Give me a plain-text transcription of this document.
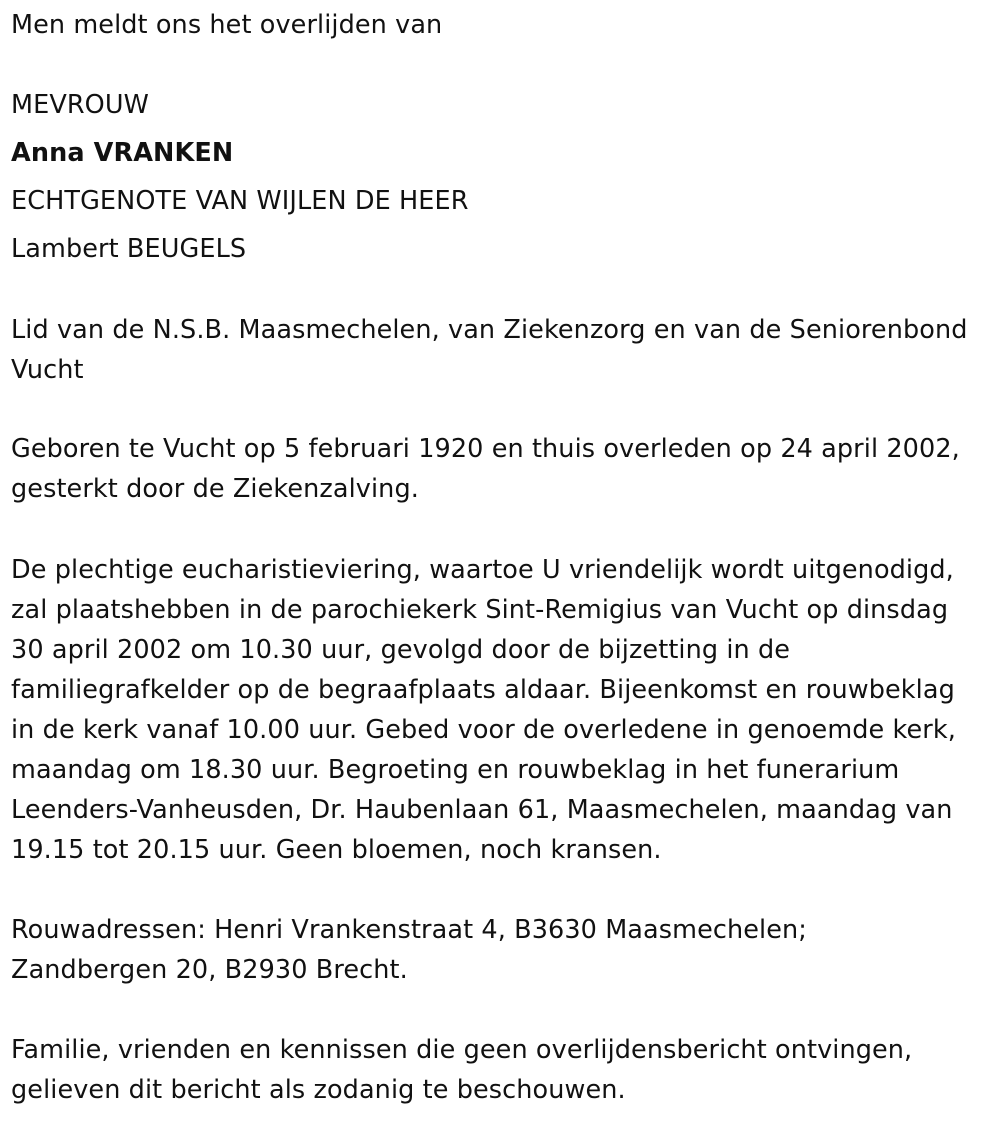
Men meldt ons het overlijden van
MEVROUW
Anna VRANKEN
ECHTGENOTE VAN WIJLEN DE HEER
Lambert BEUGELS
Lid van de N.S.B. Maasmechelen, van Ziekenzorg en van de Seniorenbond
Vucht
Geboren te Vucht op 5 februari 1920 en thuis overleden op 24 april 2002,
gesterkt door de Ziekenzalving.
De plechtige eucharistieviering, waartoe U vriendelijk wordt uitgenodigd,
zal plaatshebben in de parochiekerk Sint-Remigius van Vucht op dinsdag
30 april 2002 om 10.30 uur, gevolgd door de bijzetting in de
familiegrafkelder op de begraafplaats aldaar. Bijeenkomst en rouwbeklag
in de kerk vanaf 10.00 uur. Gebed voor de overledene in genoemde kerk,
maandag om 18.30 uur. Begroeting en rouwbeklag in het funerarium
Leenders-Vanheusden, Dr. Haubenlaan 61, Maasmechelen, maandag van
19.15 tot 20.15 uur. Geen bloemen, noch kransen.
Rouwadressen: Henri Vrankenstraat 4, B3630 Maasmechelen;
Zandbergen 20, B2930 Brecht.
Familie, vrienden en kennissen die geen overlijdensbericht ontvingen,
gelieven dit bericht als zodanig te beschouwen.
